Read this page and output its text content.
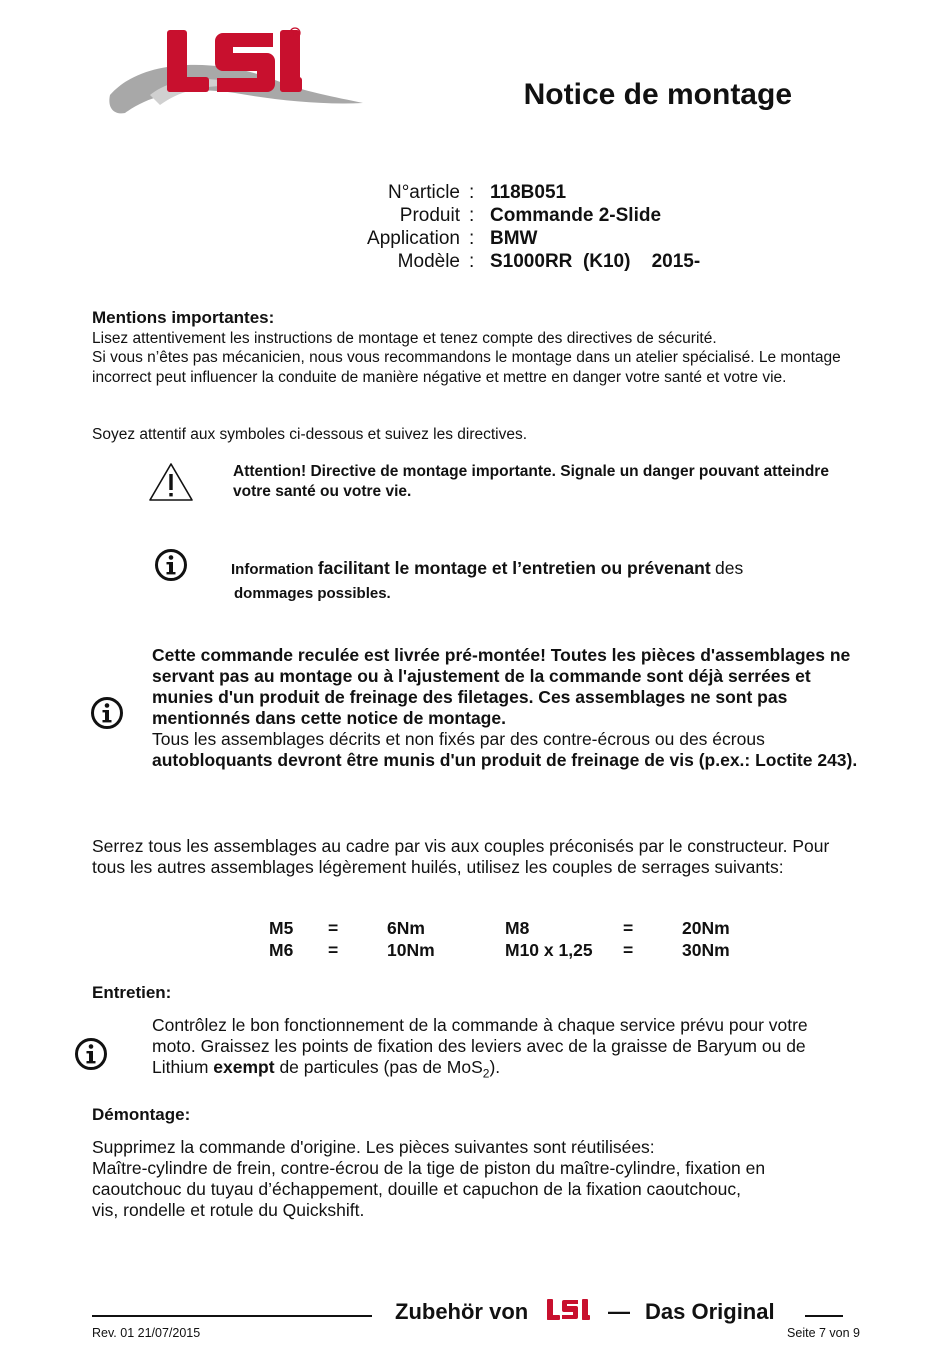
R
Notice de montage
N°article : 118B051
Produit : Commande 2-Slide
Application : BMW
Modèle : S1000RR  (K10)    2015-
Mentions importantes:
Lisez attentivement les instructions de montage et tenez compte des directives de sécurité.
Si vous n’êtes pas mécanicien, nous vous recommandons le montage dans un atelier spécialisé. Le montage incorrect peut influencer la conduite de manière négative et mettre en danger votre santé et votre vie.
Soyez attentif aux symboles ci-dessous et suivez les directives.
Attention! Directive de montage importante. Signale un danger pouvant atteindre votre santé ou votre vie.
Information facilitant le montage et l’entretien ou prévenant des
dommages possibles.
Cette commande reculée est livrée pré-montée! Toutes les pièces d'assemblages ne servant pas au montage ou à l'ajustement de la commande sont déjà serrées et munies d'un produit de freinage des filetages. Ces assemblages ne sont pas mentionnés dans cette notice de montage.
Tous les assemblages décrits et non fixés par des contre-écrous ou des écrous
autobloquants devront être munis d'un produit de freinage de vis (p.ex.: Loctite 243).
Serrez tous les assemblages au cadre par vis aux couples préconisés par le constructeur. Pour tous les autres assemblages légèrement huilés, utilisez les couples de serrages suivants:
M5 =	6Nm	M8	=	20Nm
M6 =	10Nm	M10 x 1,25 =	30Nm
Entretien:
Contrôlez le bon fonctionnement de la commande à chaque service prévu pour votre moto. Graissez les points de fixation des leviers avec de la graisse de Baryum ou de Lithium exempt de particules (pas de MoS$_2$).
Démontage:
Supprimez la commande d'origine. Les pièces suivantes sont réutilisées:
Maître-cylindre de frein, contre-écrou de la tige de piston du maître-cylindre, fixation en
caoutchouc du tuyau d’échappement, douille et capuchon de la fixation caoutchouc,
vis, rondelle et rotule du Quickshift.
Zubehör von	— Das Original
Rev. 01 21/07/2015	Seite 7 von 9
